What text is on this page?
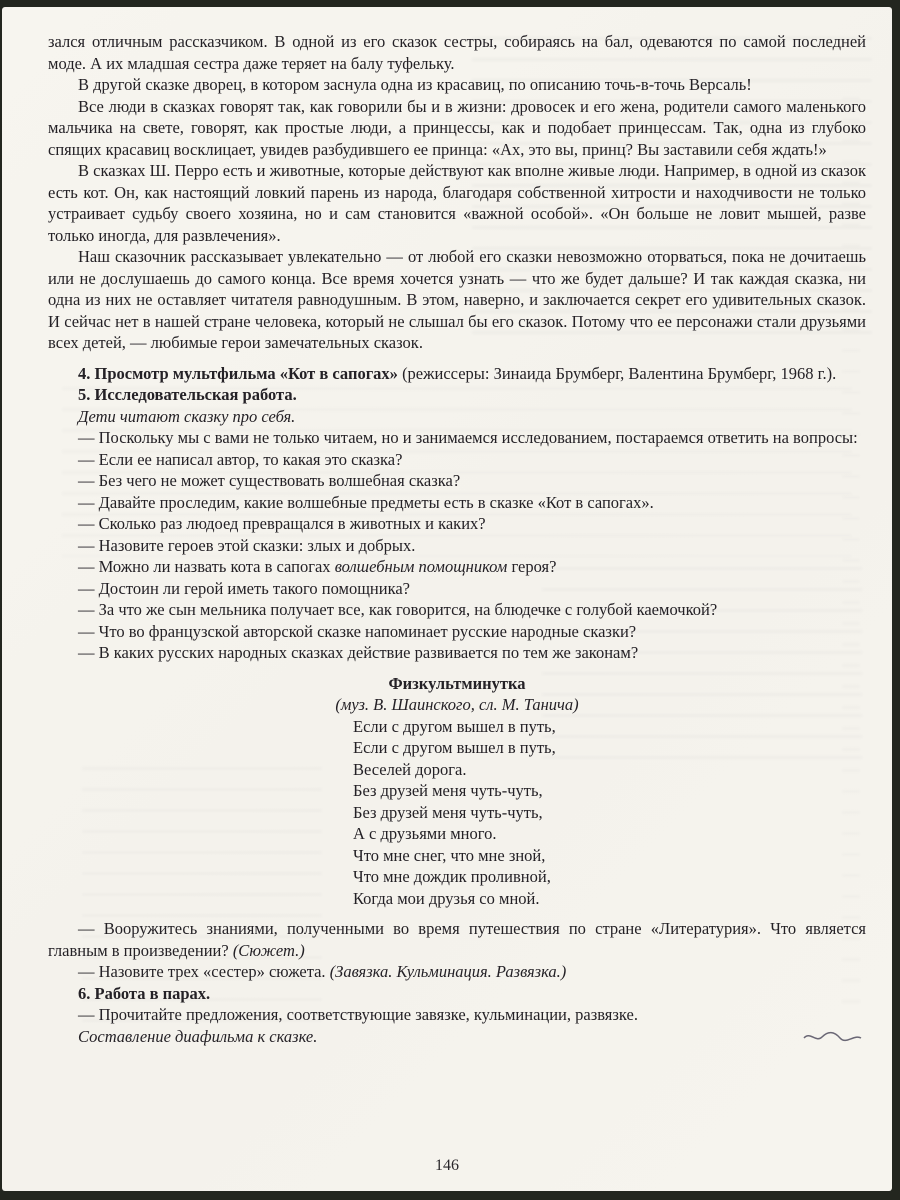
зался отличным рассказчиком. В одной из его сказок сестры, собираясь на бал, одеваются по самой последней моде. А их младшая сестра даже теряет на балу туфельку.

В другой сказке дворец, в котором заснула одна из красавиц, по описанию точь-в-точь Версаль!

Все люди в сказках говорят так, как говорили бы и в жизни: дровосек и его жена, родители самого маленького мальчика на свете, говорят, как простые люди, а принцессы, как и подобает принцессам. Так, одна из глубоко спящих красавиц восклицает, увидев разбудившего ее принца: «Ах, это вы, принц? Вы заставили себя ждать!»

В сказках Ш. Перро есть и животные, которые действуют как вполне живые люди. Например, в одной из сказок есть кот. Он, как настоящий ловкий парень из народа, благодаря собственной хитрости и находчивости не только устраивает судьбу своего хозяина, но и сам становится «важной особой». «Он больше не ловит мышей, разве только иногда, для развлечения».

Наш сказочник рассказывает увлекательно — от любой его сказки невозможно оторваться, пока не дочитаешь или не дослушаешь до самого конца. Все время хочется узнать — что же будет дальше? И так каждая сказка, ни одна из них не оставляет читателя равнодушным. В этом, наверно, и заключается секрет его удивительных сказок. И сейчас нет в нашей стране человека, который не слышал бы его сказок. Потому что ее персонажи стали друзьями всех детей, — любимые герои замечательных сказок.

4. Просмотр мультфильма «Кот в сапогах» (режиссеры: Зинаида Брумберг, Валентина Брумберг, 1968 г.).

5. Исследовательская работа.

Дети читают сказку про себя.

— Поскольку мы с вами не только читаем, но и занимаемся исследованием, постараемся ответить на вопросы:

— Если ее написал автор, то какая это сказка?

— Без чего не может существовать волшебная сказка?

— Давайте проследим, какие волшебные предметы есть в сказке «Кот в сапогах».

— Сколько раз людоед превращался в животных и каких?

— Назовите героев этой сказки: злых и добрых.

— Можно ли назвать кота в сапогах волшебным помощником героя?

— Достоин ли герой иметь такого помощника?

— За что же сын мельника получает все, как говорится, на блюдечке с голубой каемочкой?

— Что во французской авторской сказке напоминает русские народные сказки?

— В каких русских народных сказках действие развивается по тем же законам?

Физкультминутка

(муз. В. Шаинского, сл. М. Танича)

Если с другом вышел в путь,
Если с другом вышел в путь,
Веселей дорога.
Без друзей меня чуть-чуть,
Без друзей меня чуть-чуть,
А с друзьями много.
Что мне снег, что мне зной,
Что мне дождик проливной,
Когда мои друзья со мной.

— Вооружитесь знаниями, полученными во время путешествия по стране «Литературия». Что является главным в произведении? (Сюжет.)

— Назовите трех «сестер» сюжета. (Завязка. Кульминация. Развязка.)

6. Работа в парах.

— Прочитайте предложения, соответствующие завязке, кульминации, развязке.

Составление диафильма к сказке.

146
